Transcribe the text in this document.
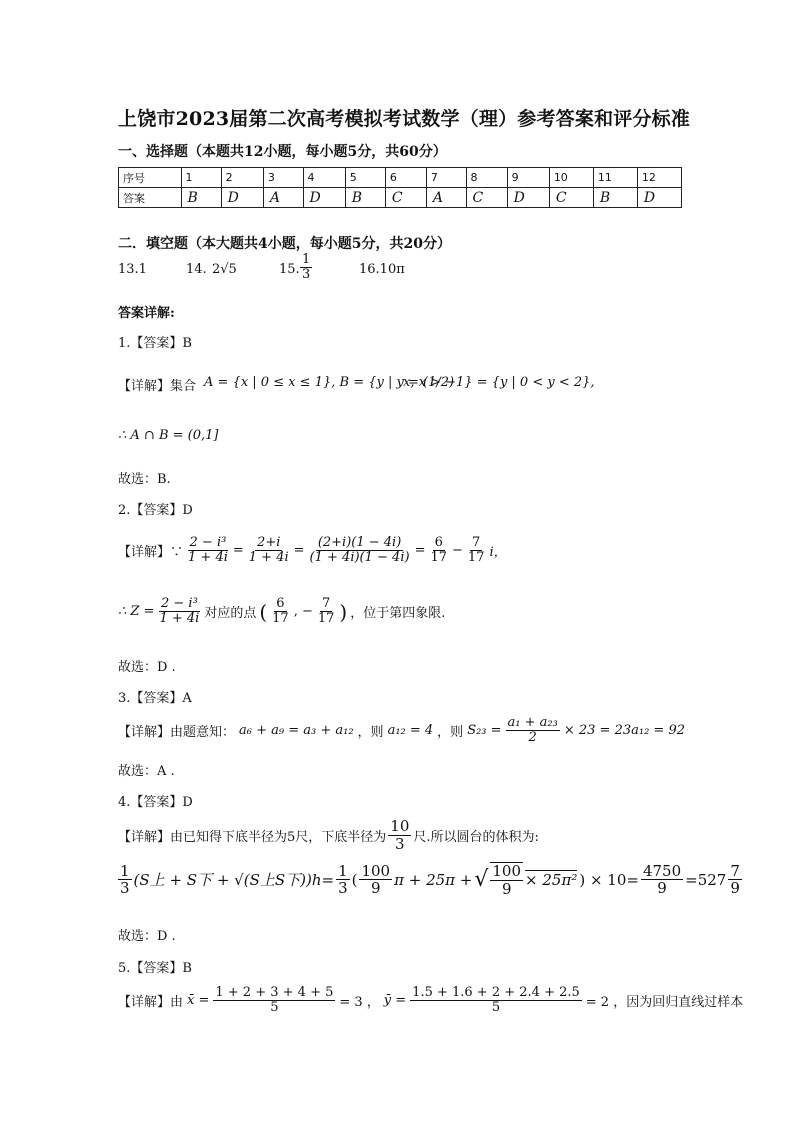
上饶市2023届第二次高考模拟考试数学（理）参考答案和评分标准
一、选择题（本题共12小题，每小题5分，共60分）
序号	1	2	3	4	5	6	7	8	9	10	11	12
答案	B	D	A	D	B	C	A	C	D	C	B	D
二．填空题（本大题共4小题，每小题5分，共20分）
13.1	14. 2√5	15. $\frac{1}{3}$	16.10π
答案详解:
1.【答案】B
【详解】集合 A = {x | 0 ≤ x ≤ 1}, B = {y | y = (1/2)
x, x > −1} = {y | 0 < y < 2},
∴ A ∩ B = (0,1]
故选：B.
2.【答案】D
【详解】∵ $\frac{\text{2 − i³}}{1 + 4i} = \frac{2+i}{1 + 4i} = \frac{(2+i)(1 - 4i)}{(1 + 4i)(1 - 4i)} = \frac{6}{17} - \frac{7}{17}$ i，
∴ $Z = \frac{\text{2 − i³}}{1 + 4i}$ 对应的点 ( $\frac{6}{17}$ , − $\frac{7}{17}$ ) ，位于第四象限.
故选：D .
3.【答案】A
【详解】由题意知： a₆ + a₉ = a₃ + a₁₂ ，则 a₁₂ = 4 ，则 $S_{23} = \frac{\text{a₁ + a₂₃}}{2} \times 23 = 23a_{12} = 92$
故选：A .
4.【答案】D
【详解】由已知得下底半径为5尺，下底半径为 $\frac{10}{3}$ 尺.所以圆台的体积为:
$\frac{1}{3} (S$上 + S下 + √(S上S下))$h= \frac{1}{3}$ ( $\frac{100}{9}$ π + 25π + √ $\frac{100}{9} \times 25\pi^2$ ) × $10= \frac{4750}{9} =527 \frac{7}{9}$
故选：D .
5.【答案】B
【详解】由 x̄ = $\frac{1 + 2 + 3 + 4 + 5}{5} = 3$ ， ȳ = $\frac{1.5 + 1.6 + 2 + 2.4 + 2.5}{5} = 2$ ，因为回归直线过样本
